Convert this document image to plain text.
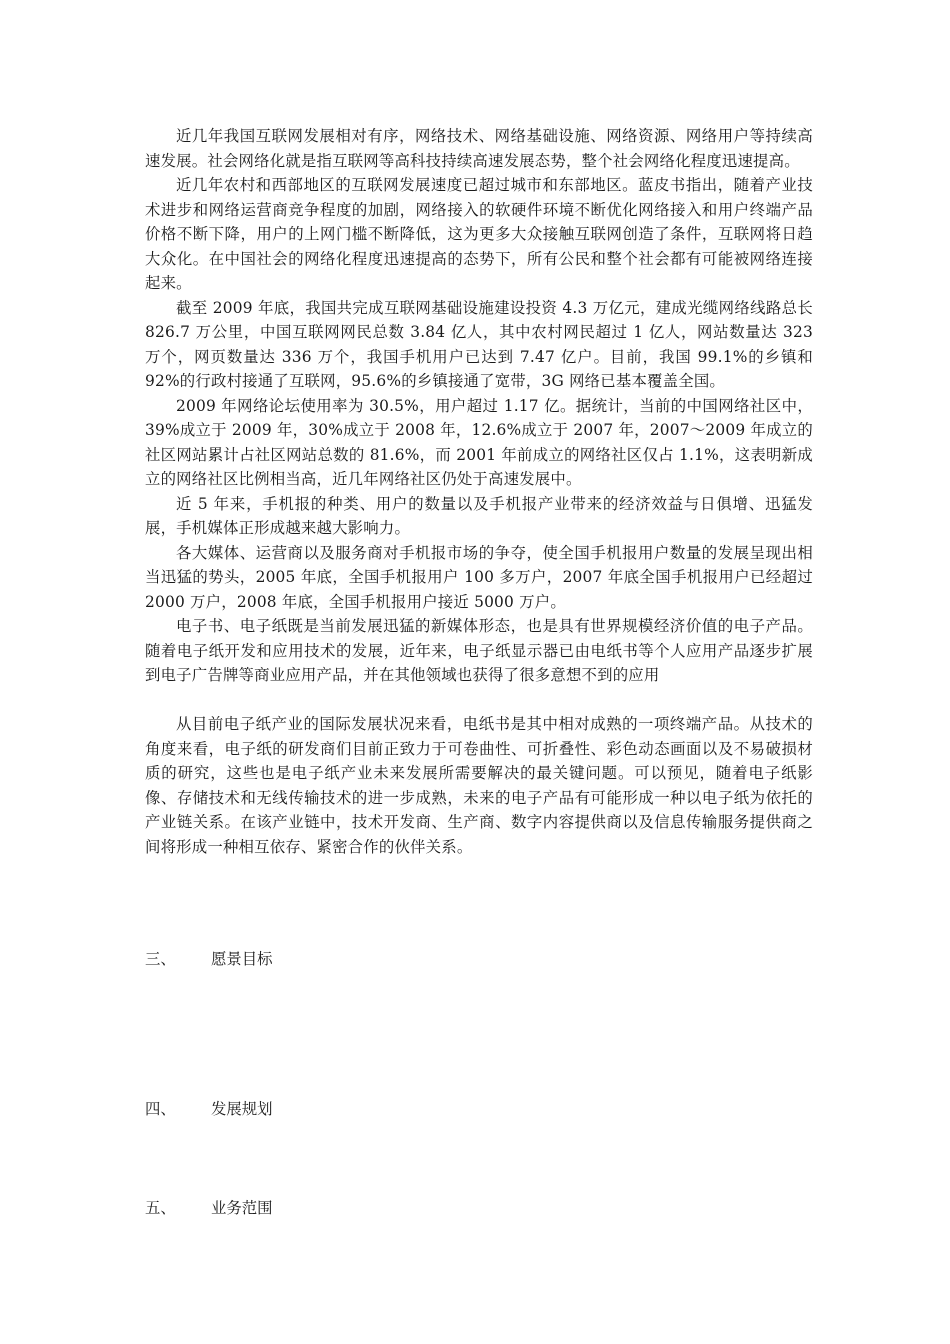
近几年我国互联网发展相对有序，网络技术、网络基础设施、网络资源、网络用户等持续高速发展。社会网络化就是指互联网等高科技持续高速发展态势，整个社会网络化程度迅速提高。

近几年农村和西部地区的互联网发展速度已超过城市和东部地区。蓝皮书指出，随着产业技术进步和网络运营商竞争程度的加剧，网络接入的软硬件环境不断优化网络接入和用户终端产品价格不断下降，用户的上网门槛不断降低，这为更多大众接触互联网创造了条件，互联网将日趋大众化。在中国社会的网络化程度迅速提高的态势下，所有公民和整个社会都有可能被网络连接起来。

截至 2009 年底，我国共完成互联网基础设施建设投资 4.3 万亿元，建成光缆网络线路总长 826.7 万公里，中国互联网网民总数 3.84 亿人，其中农村网民超过 1 亿人，网站数量达 323 万个，网页数量达 336 万个，我国手机用户已达到 7.47 亿户。目前，我国 99.1%的乡镇和 92%的行政村接通了互联网，95.6%的乡镇接通了宽带，3G 网络已基本覆盖全国。

2009 年网络论坛使用率为 30.5%，用户超过 1.17 亿。据统计，当前的中国网络社区中，39%成立于 2009 年，30%成立于 2008 年，12.6%成立于 2007 年，2007～2009 年成立的社区网站累计占社区网站总数的 81.6%，而 2001 年前成立的网络社区仅占 1.1%，这表明新成立的网络社区比例相当高，近几年网络社区仍处于高速发展中。

近 5 年来，手机报的种类、用户的数量以及手机报产业带来的经济效益与日俱增、迅猛发展，手机媒体正形成越来越大影响力。

各大媒体、运营商以及服务商对手机报市场的争夺，使全国手机报用户数量的发展呈现出相当迅猛的势头，2005 年底，全国手机报用户 100 多万户，2007 年底全国手机报用户已经超过 2000 万户，2008 年底，全国手机报用户接近 5000 万户。

电子书、电子纸既是当前发展迅猛的新媒体形态，也是具有世界规模经济价值的电子产品。随着电子纸开发和应用技术的发展，近年来，电子纸显示器已由电纸书等个人应用产品逐步扩展到电子广告牌等商业应用产品，并在其他领域也获得了很多意想不到的应用

从目前电子纸产业的国际发展状况来看，电纸书是其中相对成熟的一项终端产品。从技术的角度来看，电子纸的研发商们目前正致力于可卷曲性、可折叠性、彩色动态画面以及不易破损材质的研究，这些也是电子纸产业未来发展所需要解决的最关键问题。可以预见，随着电子纸影像、存储技术和无线传输技术的进一步成熟，未来的电子产品有可能形成一种以电子纸为依托的产业链关系。在该产业链中，技术开发商、生产商、数字内容提供商以及信息传输服务提供商之间将形成一种相互依存、紧密合作的伙伴关系。

三、 愿景目标
四、 发展规划
五、 业务范围
